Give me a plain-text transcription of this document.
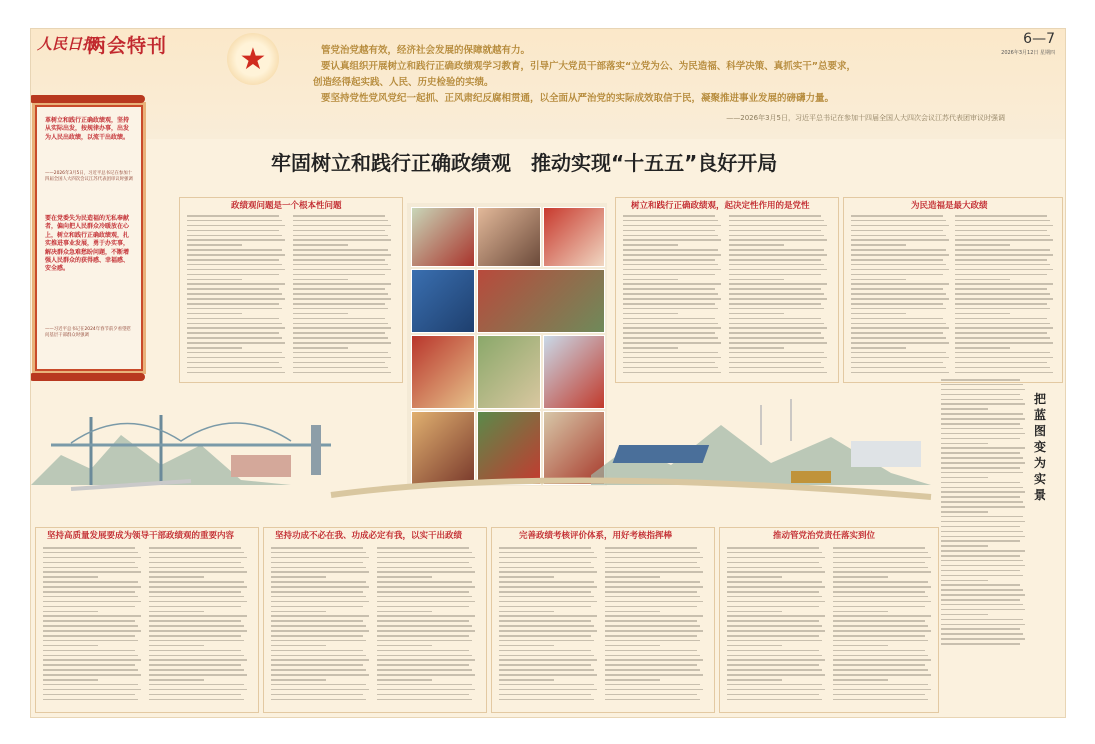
人民日报
两会特刊	★
6—7
2026年3月12日 星期四
管党治党越有效，经济社会发展的保障就越有力。
要认真组织开展树立和践行正确政绩观学习教育，引导广大党员干部落实“立党为公、为民造福、科学决策、真抓实干”总要求，
创造经得起实践、人民、历史检验的实绩。
要坚持党性党风党纪一起抓、正风肃纪反腐相贯通，以全面从严治党的实际成效取信于民，凝聚推进事业发展的磅礴力量。
——2026年3月5日，习近平总书记在参加十四届全国人大四次会议江苏代表团审议时强调
牢固树立和践行正确政绩观　推动实现“十五五”良好开局
革树立和践行正确政绩观，坚持从实际出发，按规律办事，出发为人民出政绩，以流干出政绩。
——2026年3月5日，习近平总书记在参加十四届全国人大四次会议江苏代表团审议时强调
要在党委失为民造福的无私奉献者，偏向把人民群众冷暖放在心上，树立和践行正确政绩观，扎实推进事业发展，勇于办实事，解决群众急难愁盼问题，不断增强人民群众的获得感、幸福感、安全感。
——习近平总书记在2024年春节前夕看望慰问基层干部群众时强调
政绩观问题是一个根本性问题	树立和践行正确政绩观，起决定性作用的是党性	为民造福是最大政绩
把蓝图变为实景
坚持高质量发展要成为领导干部政绩观的重要内容	坚持功成不必在我、功成必定有我，以实干出政绩	完善政绩考核评价体系，用好考核指挥棒	推动管党治党责任落实到位
